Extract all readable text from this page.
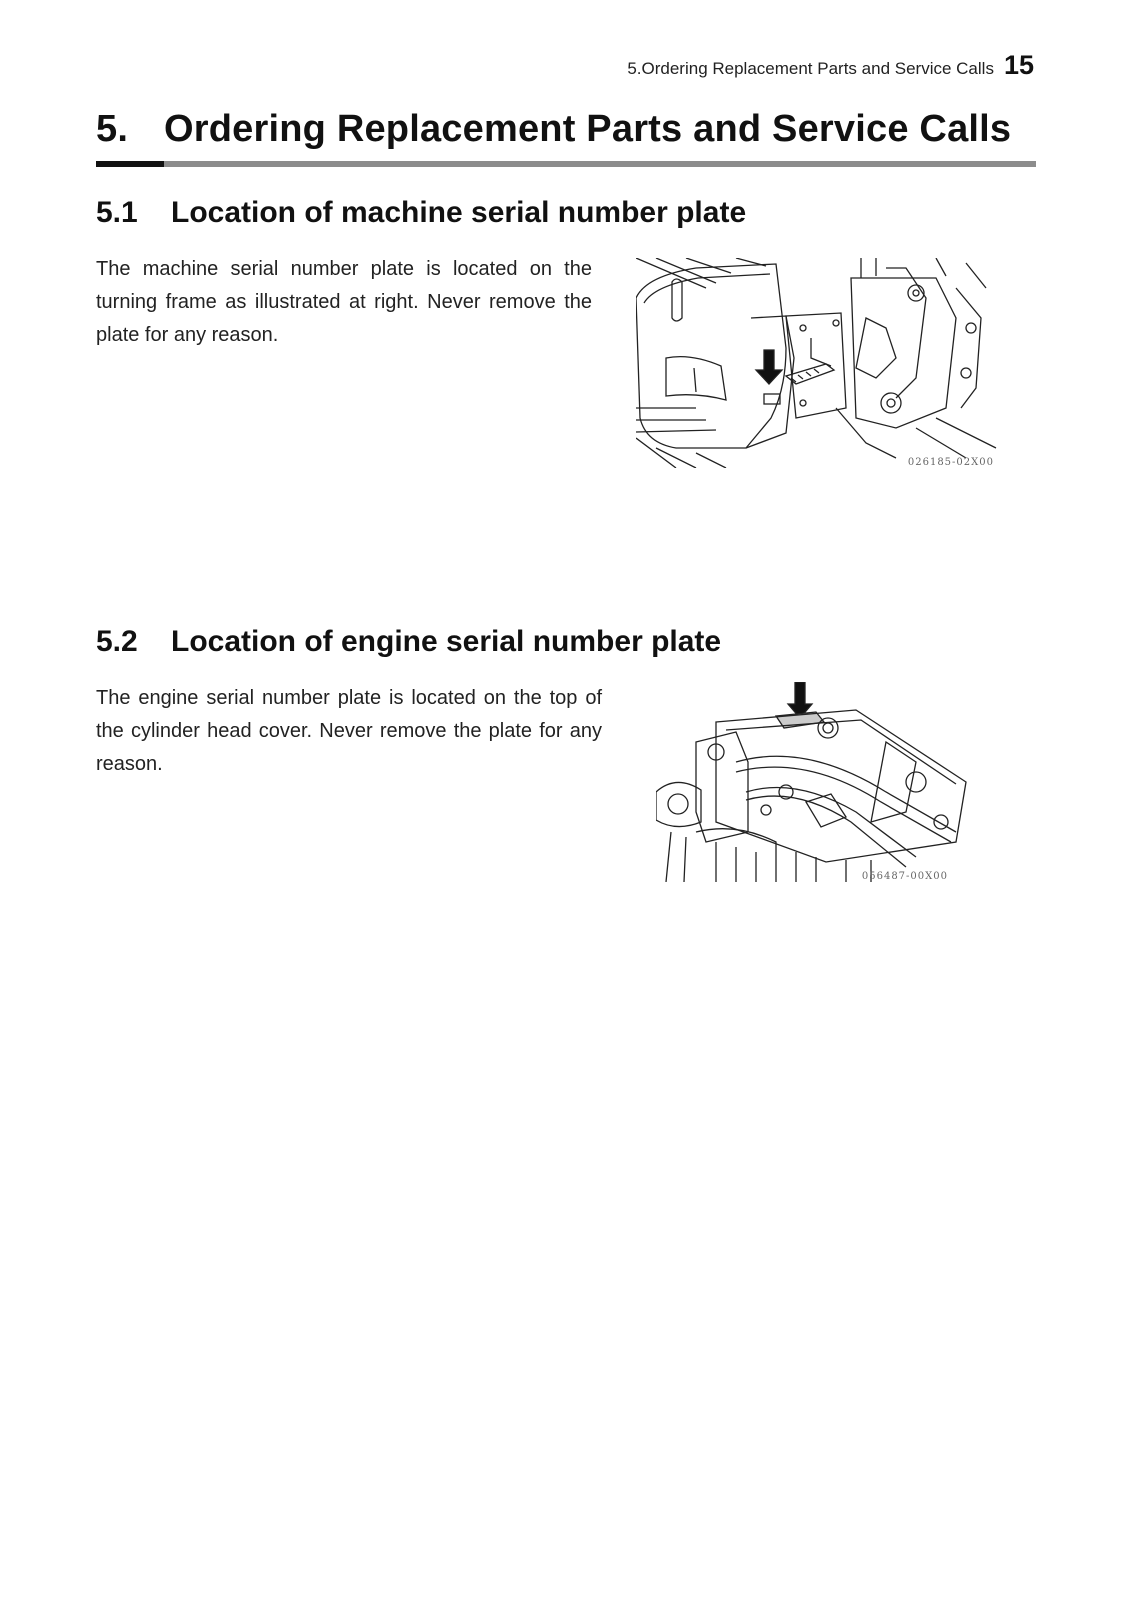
5.Ordering Replacement Parts and Service Calls 15
5. Ordering Replacement Parts and Service Calls
5.1 Location of machine serial number plate

The machine serial number plate is located on the turning frame as illustrated at right. Never remove the plate for any reason.

026185-02X00
5.2 Location of engine serial number plate

The engine serial number plate is located on the top of the cylinder head cover. Never remove the plate for any reason.

056487-00X00
